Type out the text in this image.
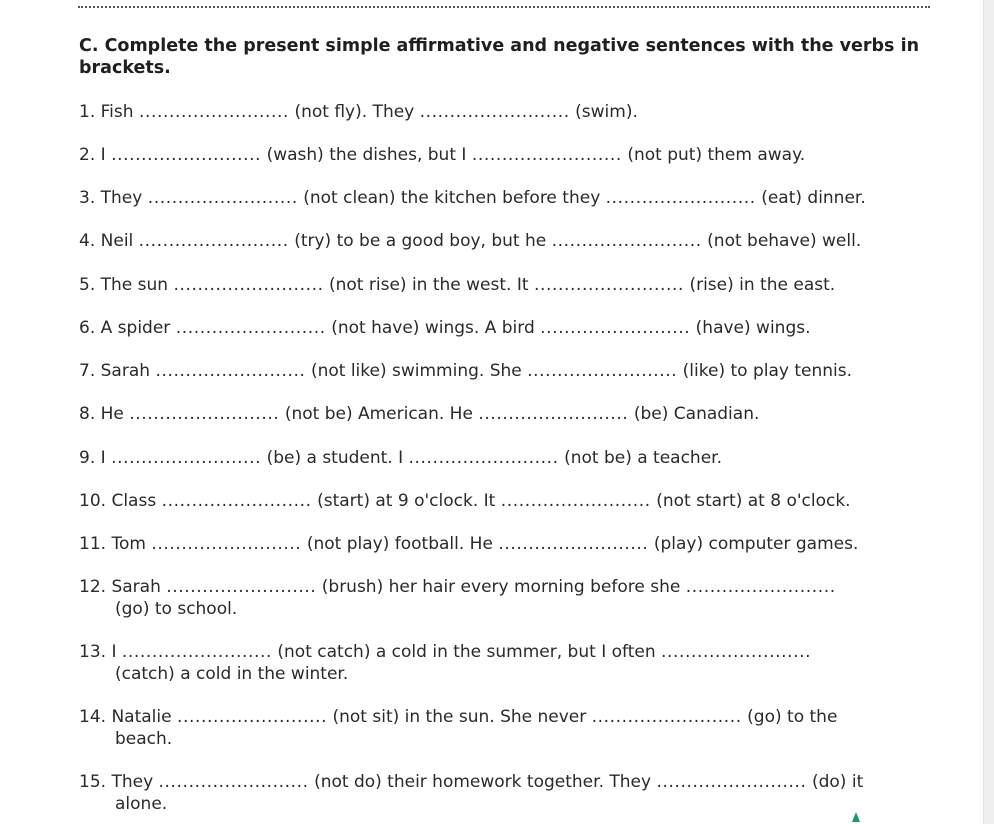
C. Complete the present simple affirmative and negative sentences with the verbs in brackets.
1. Fish ......................... (not fly). They ......................... (swim).
2. I ......................... (wash) the dishes, but I ......................... (not put) them away.
3. They ......................... (not clean) the kitchen before they ......................... (eat) dinner.
4. Neil ......................... (try) to be a good boy, but he ......................... (not behave) well.
5. The sun ......................... (not rise) in the west. It ......................... (rise) in the east.
6. A spider ......................... (not have) wings. A bird ......................... (have) wings.
7. Sarah ......................... (not like) swimming. She ......................... (like) to play tennis.
8. He ......................... (not be) American. He ......................... (be) Canadian.
9. I ......................... (be) a student. I ......................... (not be) a teacher.
10. Class ......................... (start) at 9 o'clock. It ......................... (not start) at 8 o'clock.
11. Tom ......................... (not play) football. He ......................... (play) computer games.
12. Sarah ......................... (brush) her hair every morning before she .........................
(go) to school.
13. I ......................... (not catch) a cold in the summer, but I often .........................
(catch) a cold in the winter.
14. Natalie ......................... (not sit) in the sun. She never ......................... (go) to the
beach.
15. They ......................... (not do) their homework together. They ......................... (do) it
alone.
